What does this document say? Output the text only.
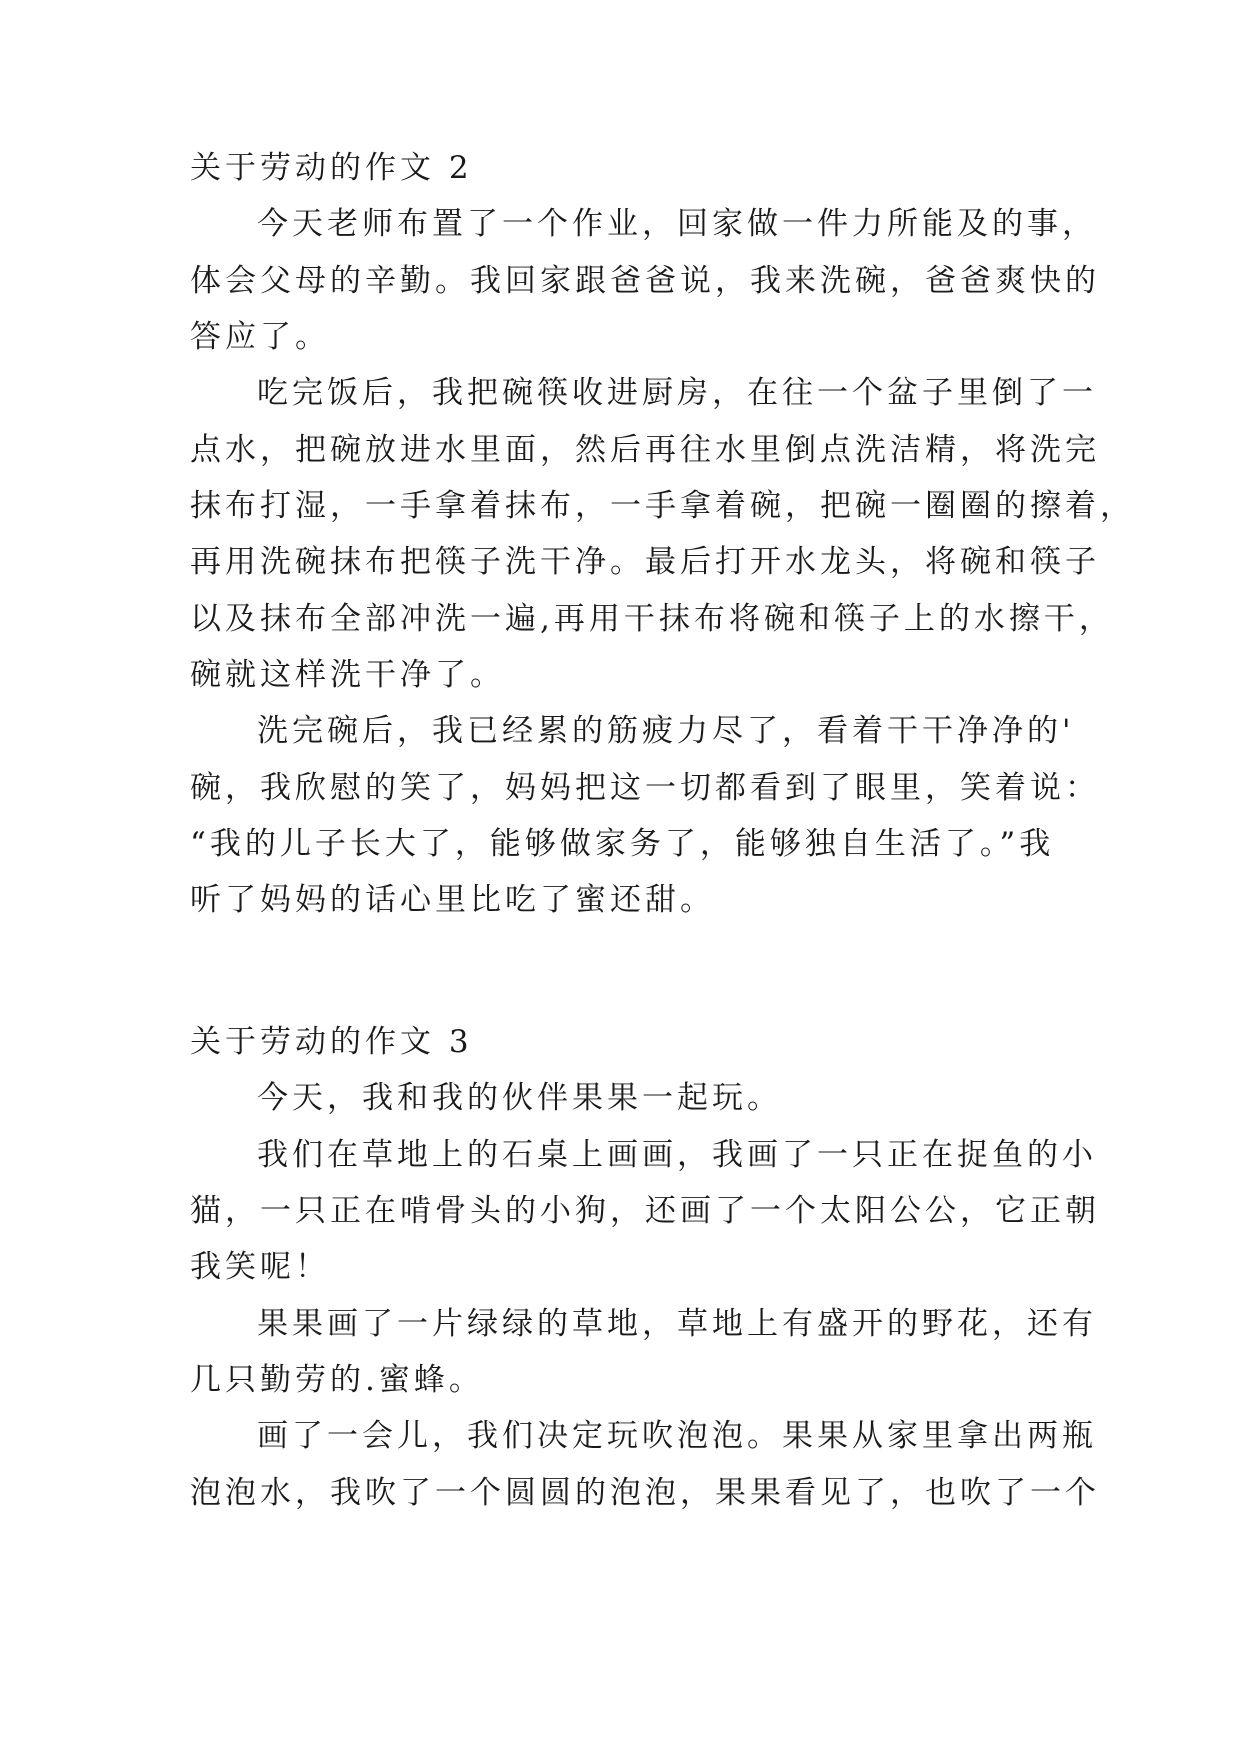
关于劳动的作文 2
今天老师布置了一个作业，回家做一件力所能及的事，
体会父母的辛勤。我回家跟爸爸说，我来洗碗，爸爸爽快的
答应了。
吃完饭后，我把碗筷收进厨房，在往一个盆子里倒了一
点水，把碗放进水里面，然后再往水里倒点洗洁精，将洗完
抹布打湿，一手拿着抹布，一手拿着碗，把碗一圈圈的擦着，
再用洗碗抹布把筷子洗干净。最后打开水龙头，将碗和筷子
以及抹布全部冲洗一遍,再用干抹布将碗和筷子上的水擦干，
碗就这样洗干净了。
洗完碗后，我已经累的筋疲力尽了，看着干干净净的'
碗，我欣慰的笑了，妈妈把这一切都看到了眼里，笑着说：
“我的儿子长大了，能够做家务了，能够独自生活了。”我
听了妈妈的话心里比吃了蜜还甜。
关于劳动的作文 3
今天，我和我的伙伴果果一起玩。
我们在草地上的石桌上画画，我画了一只正在捉鱼的小
猫，一只正在啃骨头的小狗，还画了一个太阳公公，它正朝
我笑呢！
果果画了一片绿绿的草地，草地上有盛开的野花，还有
几只勤劳的.蜜蜂。
画了一会儿，我们决定玩吹泡泡。果果从家里拿出两瓶
泡泡水，我吹了一个圆圆的泡泡，果果看见了，也吹了一个
